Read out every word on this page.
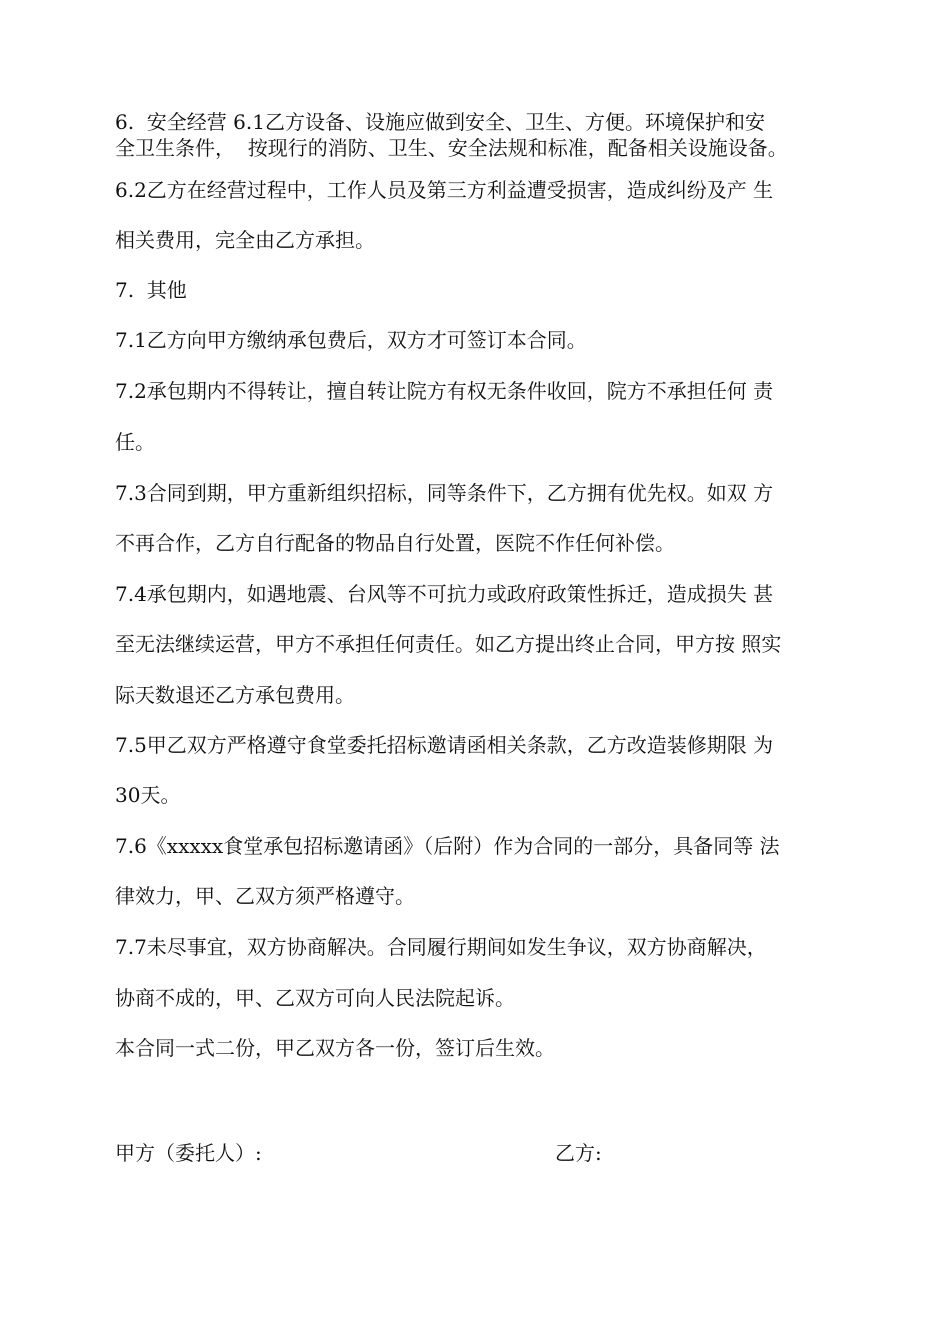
6.  安全经营 6.1乙方设备、设施应做到安全、卫生、方便。环境保护和安
全卫生条件，  按现行的消防、卫生、安全法规和标准，配备相关设施设备。
6.2乙方在经营过程中，工作人员及第三方利益遭受损害，造成纠纷及产 生
相关费用，完全由乙方承担。
7.  其他
7.1乙方向甲方缴纳承包费后，双方才可签订本合同。
7.2承包期内不得转让，擅自转让院方有权无条件收回，院方不承担任何 责
任。
7.3合同到期，甲方重新组织招标，同等条件下，乙方拥有优先权。如双 方
不再合作，乙方自行配备的物品自行处置，医院不作任何补偿。
7.4承包期内，如遇地震、台风等不可抗力或政府政策性拆迁，造成损失 甚
至无法继续运营，甲方不承担任何责任。如乙方提出终止合同，甲方按 照实
际天数退还乙方承包费用。
7.5甲乙双方严格遵守食堂委托招标邀请函相关条款，乙方改造装修期限 为
30天。
7.6《xxxxx食堂承包招标邀请函》（后附）作为合同的一部分，具备同等 法
律效力，甲、乙双方须严格遵守。
7.7未尽事宜，双方协商解决。合同履行期间如发生争议，双方协商解决，
协商不成的，甲、乙双方可向人民法院起诉。
本合同一式二份，甲乙双方各一份，签订后生效。
甲方（委托人）:	乙方:
